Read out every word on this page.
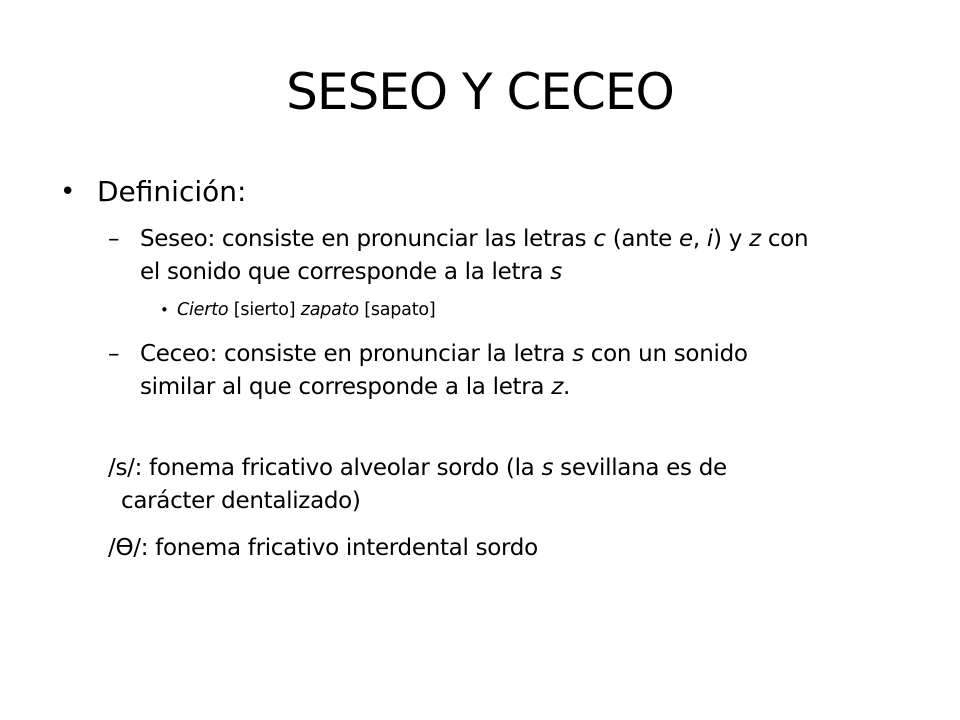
SESEO Y CECEO
• Definición:
– Seseo: consiste en pronunciar las letras c (ante e, i) y z con
el sonido que corresponde a la letra s
• Cierto [sierto] zapato [sapato]
– Ceceo: consiste en pronunciar la letra s con un sonido
similar al que corresponde a la letra z.
/s/: fonema fricativo alveolar sordo (la s sevillana es de
carácter dentalizado)
/Ɵ/: fonema fricativo interdental sordo
